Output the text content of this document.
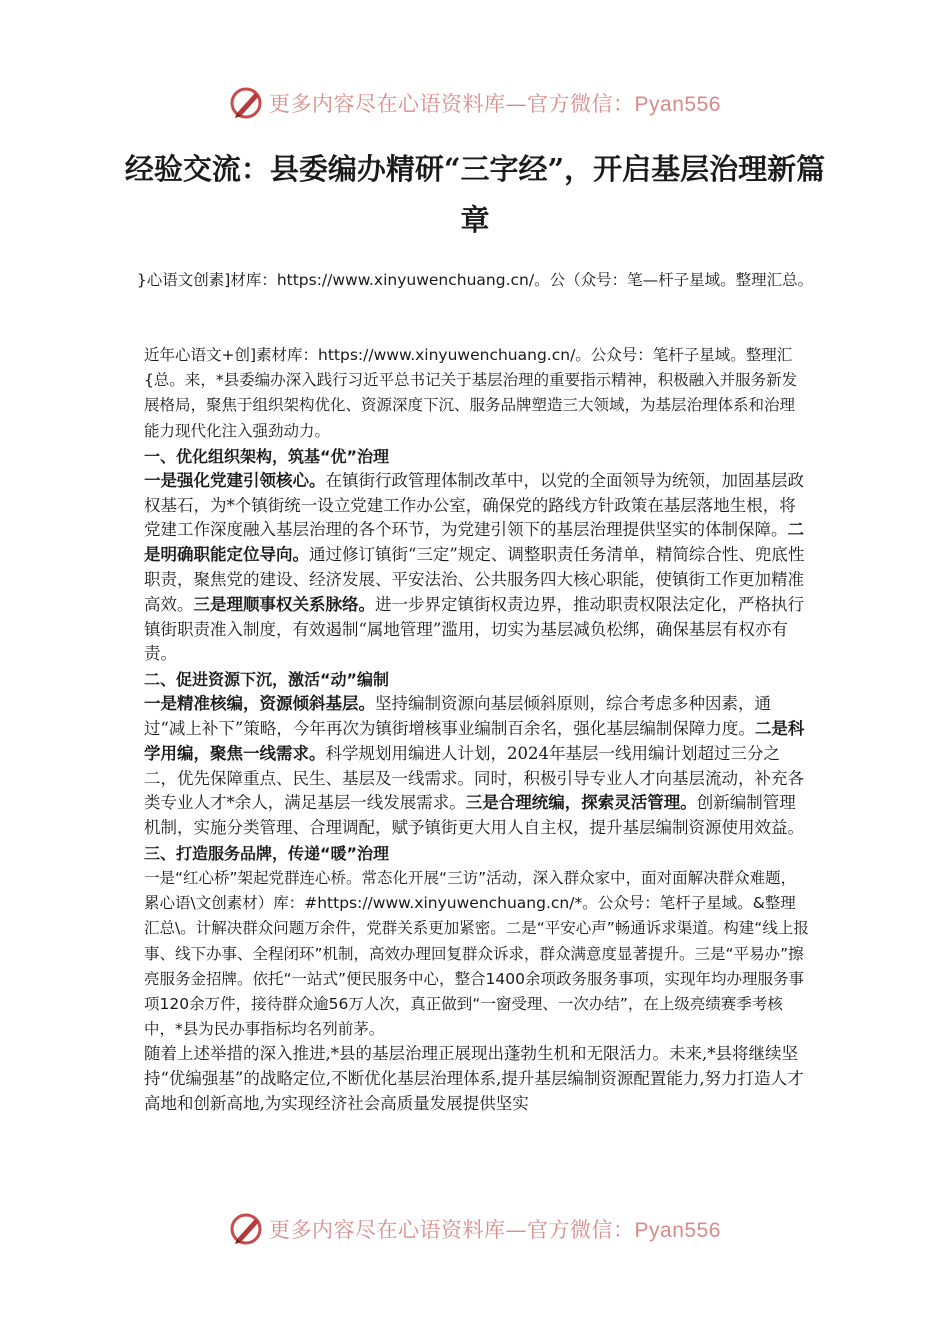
更多内容尽在心语资料库—官方微信：Pyan556
经验交流：县委编办精研“三字经”，开启基层治理新篇章

}心语文创素]材库：https://www.xinyuwenchuang.cn/。公（众号：笔—杆子星域。整理汇总。

近年心语文+创]素材库：https://www.xinyuwenchuang.cn/。公众号：笔杆子星域。整理汇{总。来，*县委编办深入践行习近平总书记关于基层治理的重要指示精神，积极融入并服务新发展格局，聚焦于组织架构优化、资源深度下沉、服务品牌塑造三大领域，为基层治理体系和治理能力现代化注入强劲动力。

一、优化组织架构，筑基“优”治理

一是强化党建引领核心。在镇街行政管理体制改革中，以党的全面领导为统领，加固基层政权基石，为*个镇街统一设立党建工作办公室，确保党的路线方针政策在基层落地生根，将党建工作深度融入基层治理的各个环节，为党建引领下的基层治理提供坚实的体制保障。二是明确职能定位导向。通过修订镇街“三定”规定、调整职责任务清单，精简综合性、兜底性职责，聚焦党的建设、经济发展、平安法治、公共服务四大核心职能，使镇街工作更加精准高效。三是理顺事权关系脉络。进一步界定镇街权责边界，推动职责权限法定化，严格执行镇街职责准入制度，有效遏制“属地管理”滥用，切实为基层减负松绑，确保基层有权亦有责。

二、促进资源下沉，激活“动”编制

一是精准核编，资源倾斜基层。坚持编制资源向基层倾斜原则，综合考虑多种因素，通过“减上补下”策略，今年再次为镇街增核事业编制百余名，强化基层编制保障力度。二是科学用编，聚焦一线需求。科学规划用编进人计划，2024年基层一线用编计划超过三分之二，优先保障重点、民生、基层及一线需求。同时，积极引导专业人才向基层流动，补充各类专业人才*余人，满足基层一线发展需求。三是合理统编，探索灵活管理。创新编制管理机制，实施分类管理、合理调配，赋予镇街更大用人自主权，提升基层编制资源使用效益。

三、打造服务品牌，传递“暖”治理

一是“红心桥”架起党群连心桥。常态化开展“三访”活动，深入群众家中，面对面解决群众难题，累心语\文创素材）库：#https://www.xinyuwenchuang.cn/*。公众号：笔杆子星域。&整理汇总\。计解决群众问题万余件，党群关系更加紧密。二是“平安心声”畅通诉求渠道。构建“线上报事、线下办事、全程闭环”机制，高效办理回复群众诉求，群众满意度显著提升。三是“平易办”擦亮服务金招牌。依托“一站式”便民服务中心，整合1400余项政务服务事项，实现年均办理服务事项120余万件，接待群众逾56万人次，真正做到“一窗受理、一次办结”，在上级亮绩赛季考核中，*县为民办事指标均名列前茅。

随着上述举措的深入推进,*县的基层治理正展现出蓬勃生机和无限活力。未来,*县将继续坚持“优编强基”的战略定位,不断优化基层治理体系,提升基层编制资源配置能力,努力打造人才高地和创新高地,为实现经济社会高质量发展提供坚实

更多内容尽在心语资料库—官方微信：Pyan556
